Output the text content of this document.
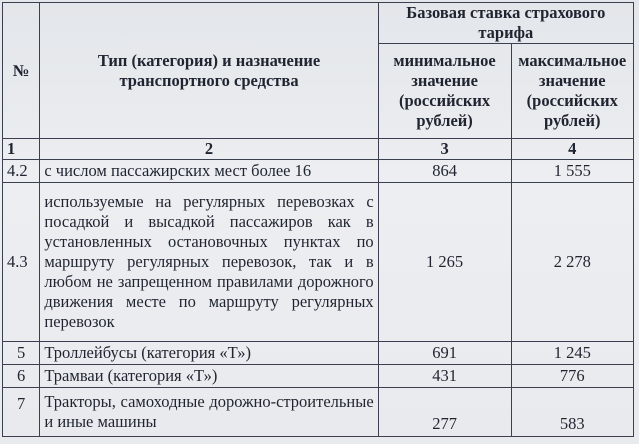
№	Тип (категория) и назначение транспортного средства	Базовая ставка страхового тарифа	
		минимальное значение (российских рублей)	максимальное значение (российских рублей)
1	2	3	4
4.2	с числом пассажирских мест более 16	864	1 555
4.3	используемые на регулярных перевозках с посадкой и высадкой пассажиров как в установленных остановочных пунктах по маршруту регулярных перевозок, так и в любом не запрещенном правилами дорожного движения месте по маршруту регулярных перевозок	1 265	2 278
5	Троллейбусы (категория «Т»)	691	1 245
6	Трамваи (категория «Т»)	431	776
7	Тракторы, самоходные дорожно-строительные и иные машины	277	583
